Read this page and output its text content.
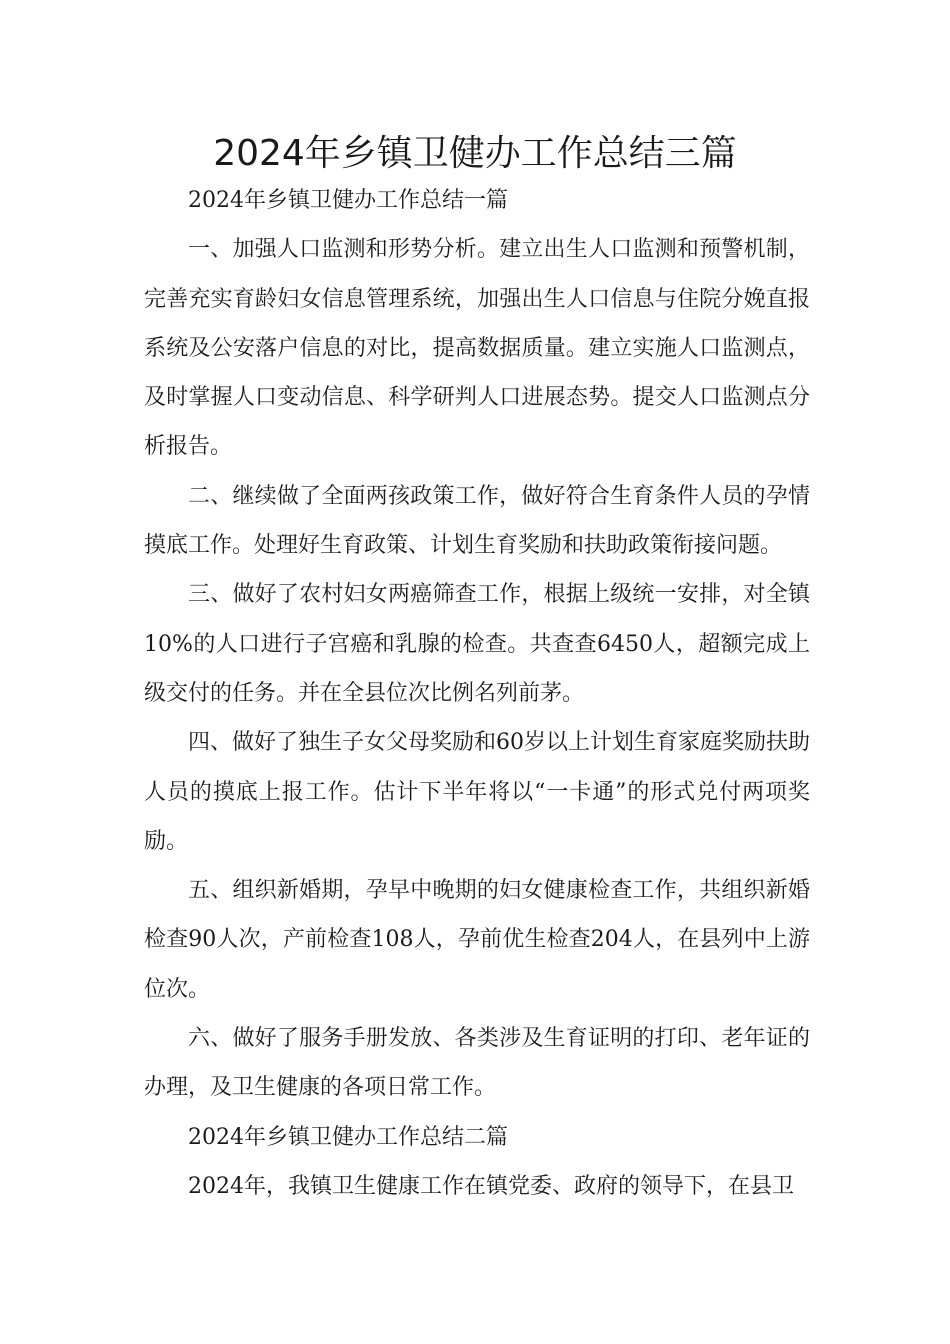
2024年乡镇卫健办工作总结三篇

2024年乡镇卫健办工作总结一篇

一、加强人口监测和形势分析。建立出生人口监测和预警机制，完善充实育龄妇女信息管理系统，加强出生人口信息与住院分娩直报系统及公安落户信息的对比，提高数据质量。建立实施人口监测点，及时掌握人口变动信息、科学研判人口进展态势。提交人口监测点分析报告。

二、继续做了全面两孩政策工作，做好符合生育条件人员的孕情摸底工作。处理好生育政策、计划生育奖励和扶助政策衔接问题。

三、做好了农村妇女两癌筛查工作，根据上级统一安排，对全镇10%的人口进行子宫癌和乳腺的检查。共查查6450人，超额完成上级交付的任务。并在全县位次比例名列前茅。

四、做好了独生子女父母奖励和60岁以上计划生育家庭奖励扶助人员的摸底上报工作。估计下半年将以“一卡通”的形式兑付两项奖励。

五、组织新婚期，孕早中晚期的妇女健康检查工作，共组织新婚检查90人次，产前检查108人，孕前优生检查204人，在县列中上游位次。

六、做好了服务手册发放、各类涉及生育证明的打印、老年证的办理，及卫生健康的各项日常工作。

2024年乡镇卫健办工作总结二篇

2024年，我镇卫生健康工作在镇党委、政府的领导下，在县卫
